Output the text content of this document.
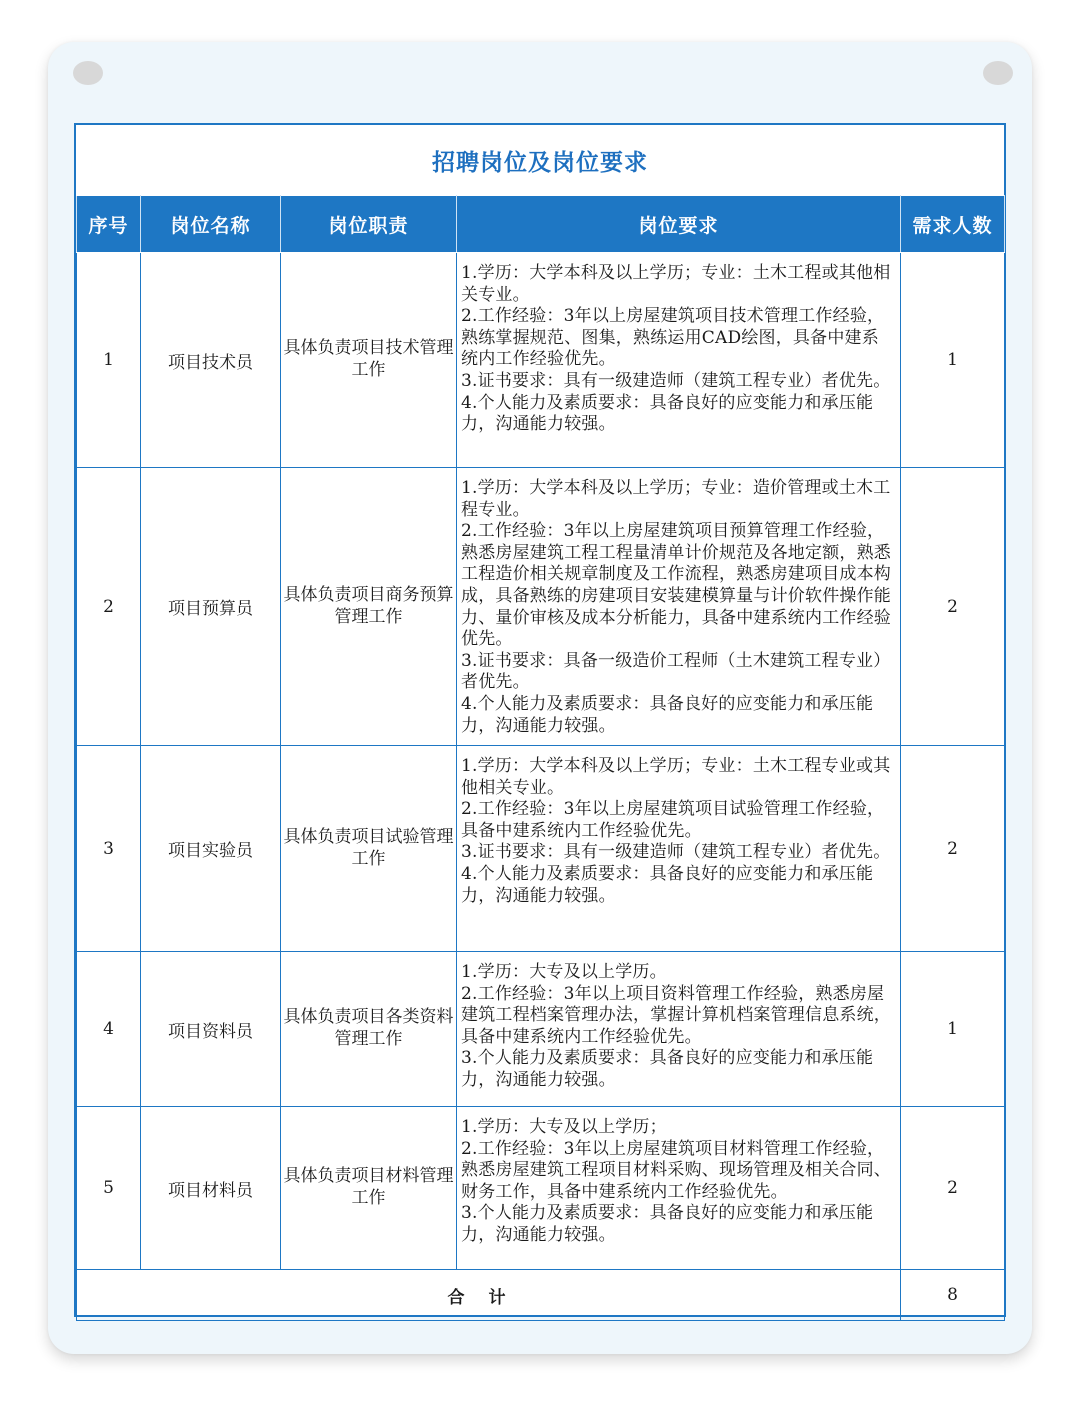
招聘岗位及岗位要求
序号	岗位名称	岗位职责	岗位要求	需求人数
1	项目技术员	具体负责项目技术管理工作	1.学历：大学本科及以上学历；专业：土木工程或其他相关专业。
2.工作经验：3年以上房屋建筑项目技术管理工作经验，熟练掌握规范、图集，熟练运用CAD绘图，具备中建系统内工作经验优先。
3.证书要求：具有一级建造师（建筑工程专业）者优先。
4.个人能力及素质要求：具备良好的应变能力和承压能力，沟通能力较强。	1
2	项目预算员	具体负责项目商务预算管理工作	1.学历：大学本科及以上学历；专业：造价管理或土木工程专业。
2.工作经验：3年以上房屋建筑项目预算管理工作经验，熟悉房屋建筑工程工程量清单计价规范及各地定额，熟悉工程造价相关规章制度及工作流程，熟悉房建项目成本构成，具备熟练的房建项目安装建模算量与计价软件操作能力、量价审核及成本分析能力，具备中建系统内工作经验优先。
3.证书要求：具备一级造价工程师（土木建筑工程专业）者优先。
4.个人能力及素质要求：具备良好的应变能力和承压能力，沟通能力较强。	2
3	项目实验员	具体负责项目试验管理工作	1.学历：大学本科及以上学历；专业：土木工程专业或其他相关专业。
2.工作经验：3年以上房屋建筑项目试验管理工作经验，具备中建系统内工作经验优先。
3.证书要求：具有一级建造师（建筑工程专业）者优先。
4.个人能力及素质要求：具备良好的应变能力和承压能力，沟通能力较强。	2
4	项目资料员	具体负责项目各类资料管理工作	1.学历：大专及以上学历。
2.工作经验：3年以上项目资料管理工作经验，熟悉房屋建筑工程档案管理办法，掌握计算机档案管理信息系统，具备中建系统内工作经验优先。
3.个人能力及素质要求：具备良好的应变能力和承压能力，沟通能力较强。	1
5	项目材料员	具体负责项目材料管理工作	1.学历：大专及以上学历；
2.工作经验：3年以上房屋建筑项目材料管理工作经验，熟悉房屋建筑工程项目材料采购、现场管理及相关合同、财务工作，具备中建系统内工作经验优先。
3.个人能力及素质要求：具备良好的应变能力和承压能力，沟通能力较强。	2
合计				8
